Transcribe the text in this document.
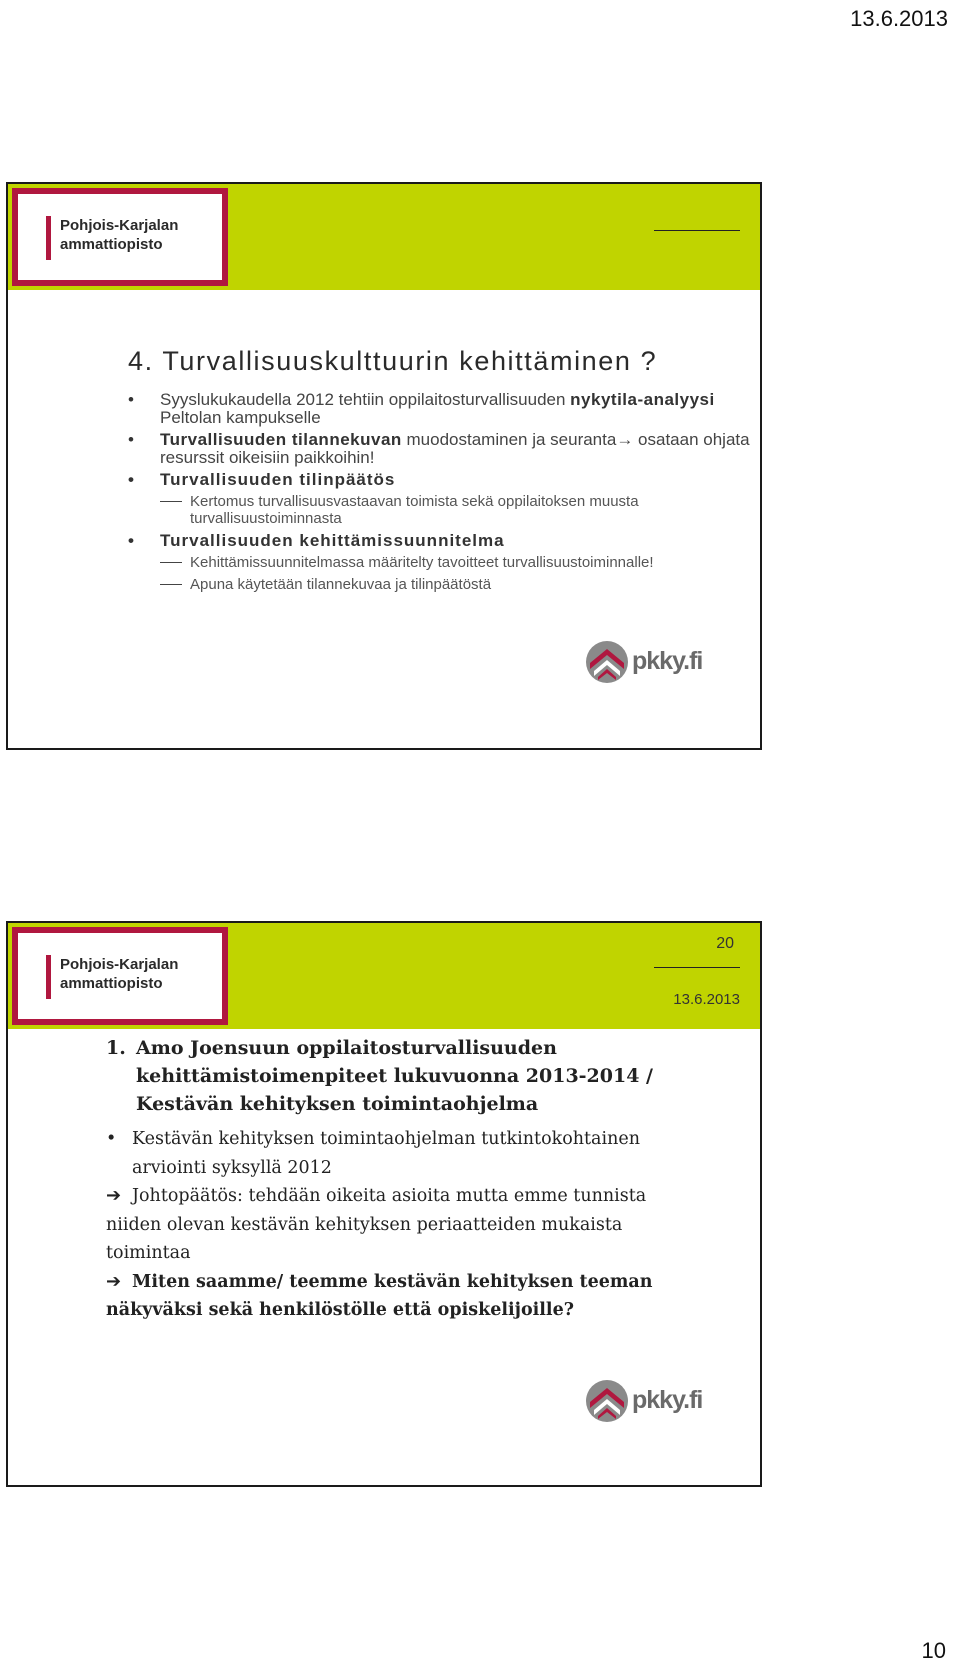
13.6.2013
Pohjois-Karjalan
ammattiopisto
4. Turvallisuuskulttuurin kehittäminen ?
• Syyslukukaudella 2012 tehtiin oppilaitosturvallisuuden nykytila-analyysi Peltolan kampukselle
• Turvallisuuden tilannekuvan muodostaminen ja seuranta→ osataan ohjata resurssit oikeisiin paikkoihin!
• Turvallisuuden tilinpäätös
Kertomus turvallisuusvastaavan toimista sekä oppilaitoksen muusta turvallisuustoiminnasta
• Turvallisuuden kehittämissuunnitelma
Kehittämissuunnitelmassa määritelty tavoitteet turvallisuustoiminnalle!
Apuna käytetään tilannekuvaa ja tilinpäätöstä
pkky.fi
Pohjois-Karjalan
ammattiopisto
20
13.6.2013
1. Amo Joensuun oppilaitosturvallisuuden kehittämistoimenpiteet lukuvuonna 2013-2014 / Kestävän kehityksen toimintaohjelma

• Kestävän kehityksen toimintaohjelman tutkintokohtainen arviointi syksyllä 2012

➔ Johtopäätös: tehdään oikeita asioita mutta emme tunnista niiden olevan kestävän kehityksen periaatteiden mukaista toimintaa

➔ Miten saamme/ teemme kestävän kehityksen teeman näkyväksi sekä henkilöstölle että opiskelijoille?

pkky.fi
10
